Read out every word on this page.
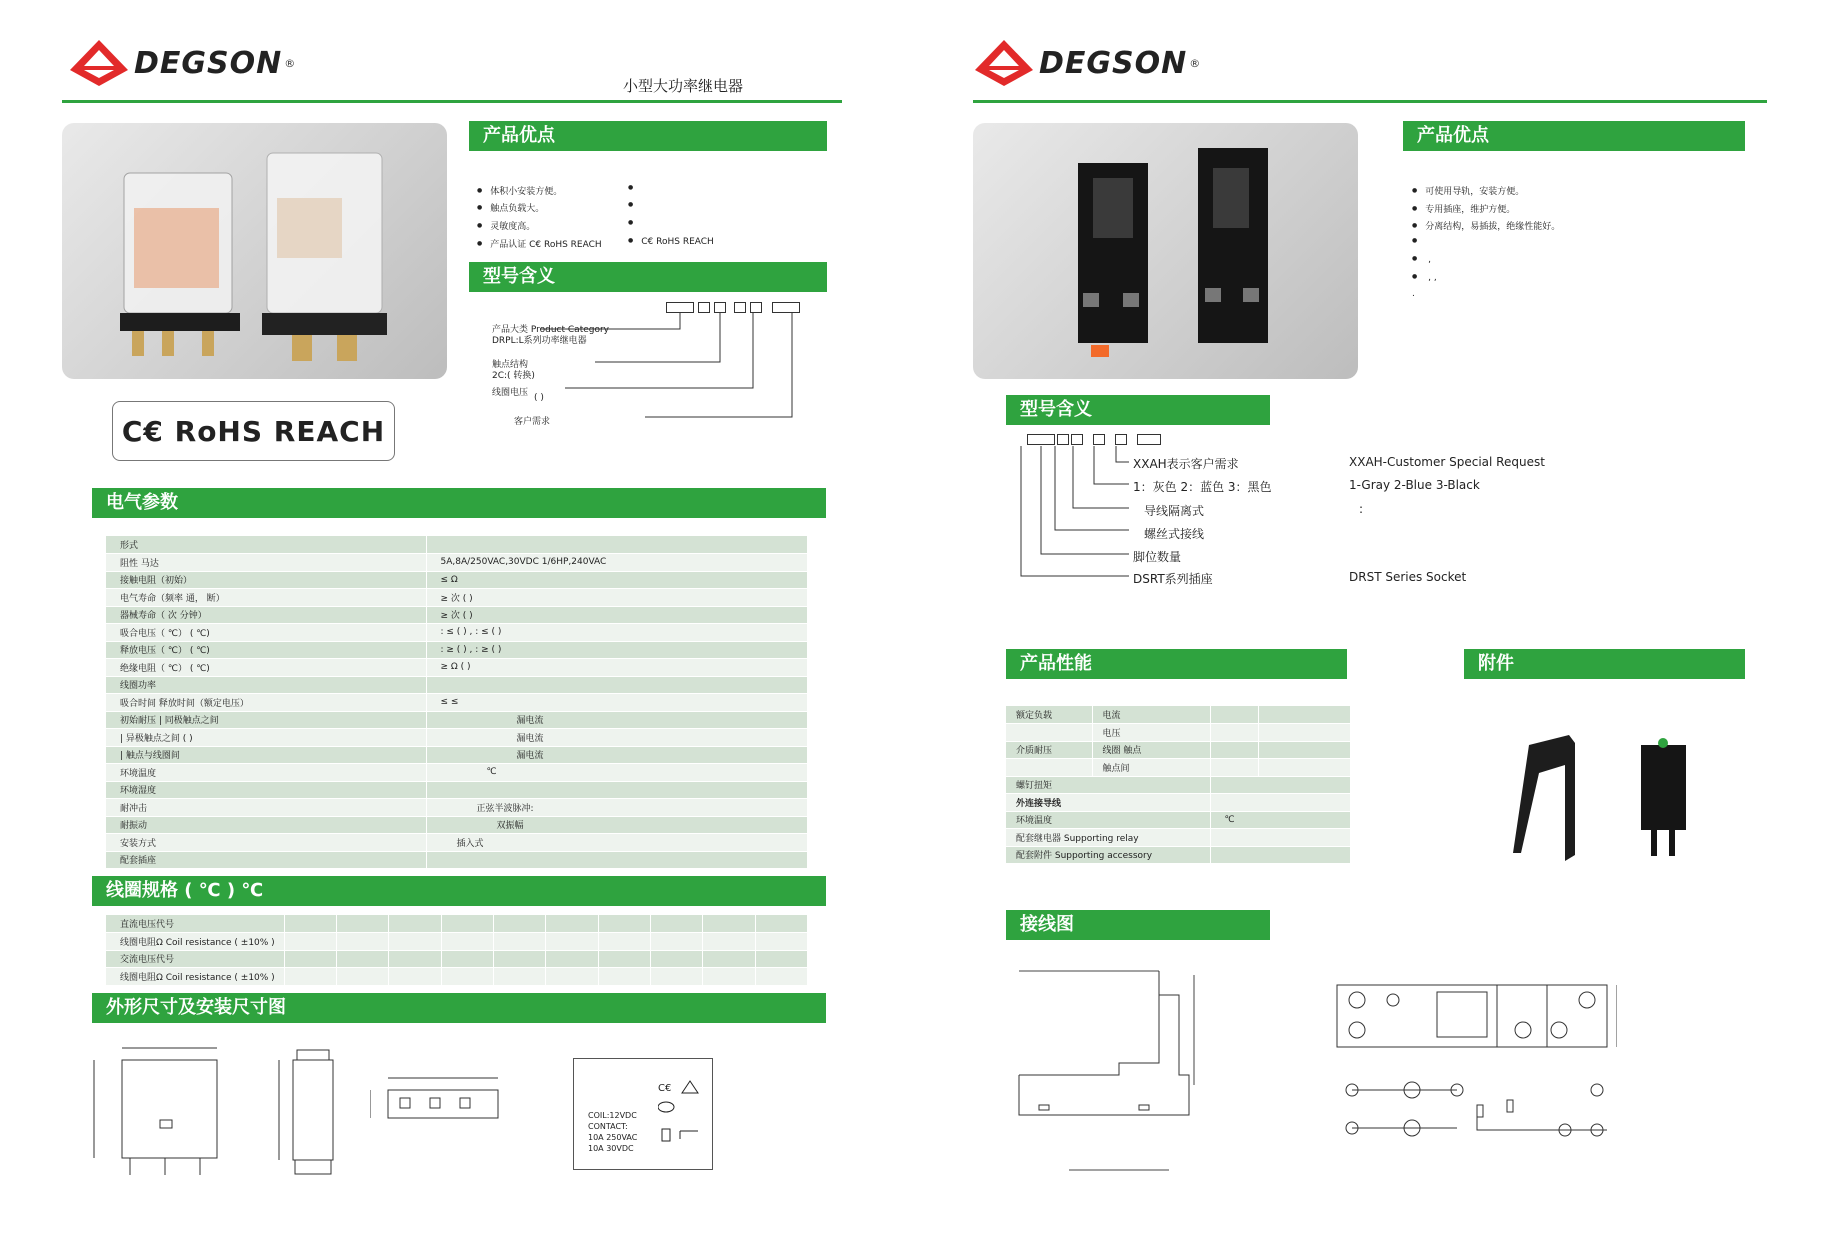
DEGSON ®
小型大功率继电器
C€ RoHS REACH
产品优点
● 体积小安装方便。
● 触点负载大。
● 灵敏度高。
● 产品认证 C€ RoHS REACH
●
●
●	● C€ RoHS REACH
型号含义
产品大类 Product Category
DRPL:L系列功率继电器
触点结构
2C:( 转换)
线圈电压 ( )
客户需求
电气参数
形式	
阻性 马达	5A,8A/250VAC,30VDC 1/6HP,240VAC
接触电阻（初始）	≤ Ω
电气寿命（频率 通， 断）	≥ 次 ( )
器械寿命（ 次 分钟）	≥ 次 ( )
吸合电压（ ℃） ( ℃)	: ≤ ( ) , : ≤ ( )
释放电压（ ℃） ( ℃)	: ≥ ( ) , : ≥ ( )
绝缘电阻（ ℃） ( ℃)	≥ Ω ( )
线圈功率	
吸合时间 释放时间（额定电压）	≤ ≤
初始耐压 | 同极触点之间	漏电流
| 异极触点之间 ( )	漏电流
| 触点与线圈间	漏电流
环境温度	℃
环境湿度	
耐冲击	正弦半波脉冲:
耐振动	双振幅
安装方式	插入式
配套插座	
线圈规格 ( ℃ ) ℃
直流电压代号										
线圈电阻Ω Coil resistance ( ±10% )										
交流电压代号										
线圈电阻Ω Coil resistance ( ±10% )										
外形尺寸及安装尺寸图
COIL:12VDC
CONTACT:
10A 250VAC
10A 30VDC
C€
DEGSON ®
产品优点
● 可使用导轨，安装方便。
● 专用插座，维护方便。
● 分离结构，易插拔，绝缘性能好。
●
● ,
● , ,
.
型号含义
XXAH表示客户需求	XXAH-Customer Special Request
1：灰色 2：蓝色 3：黑色	1-Gray 2-Blue 3-Black
导线隔离式	:
螺丝式接线
脚位数量
DSRT系列插座	DRST Series Socket
产品性能	附件
额定负载	电流		
	电压		
介质耐压	线圈 触点		
	触点间		
螺钉扭矩			
外连接导线			
环境温度		℃	
配套继电器 Supporting relay			
配套附件 Supporting accessory			
接线图
